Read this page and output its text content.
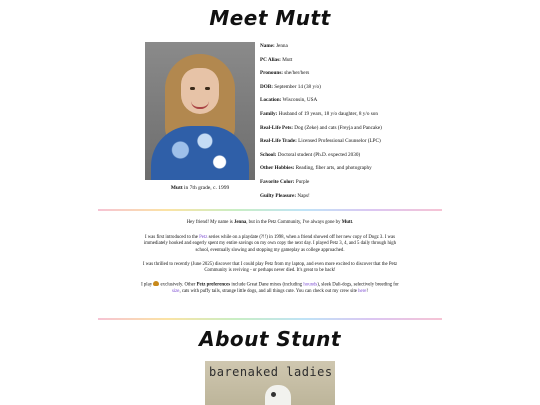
Meet Mutt
Mutt in 7th grade, c. 1999
Name: Jenna
PC Alias: Mutt
Pronouns: she/her/hers
DOB: September 14 (38 y/o)
Location: Wisconsin, USA
Family: Husband of 19 years, 18 y/o daughter, 8 y/o son
Real-Life Pets: Dog (Zeke) and cats (Freyja and Pancake)
Real-Life Trade: Licensed Professional Counselor (LPC)
School: Doctoral student (Ph.D. expected 2030)
Other Hobbies: Reading, fiber arts, and photography
Favorite Color: Purple
Guilty Pleasure: Naps!
Hey friend! My name is Jenna, but in the Petz Community, I've always gone by Mutt.
I was first introduced to the Petz series while on a playdate (?!!) in 1998, when a friend showed off her new copy of Dogz 3. I was immediately hooked and eagerly spent my entire savings on my own copy the next day. I played Petz 3, 4, and 5 daily through high school, eventually slowing and stopping my gameplay as college approached.
I was thrilled to recently (June 2025) discover that I could play Petz from my laptop, and even more excited to discover that the Petz Community is reviving - or perhaps never died. It's great to be back!
I play  exclusively. Other Petz preferences include Great Dane mixes (including hounds), sleek Dali-dogs, selectively breeding for size, cats with puffy tails, strange little dogs, and all things cute. You can check out my crew site here!
About Stunt
barenaked ladies
